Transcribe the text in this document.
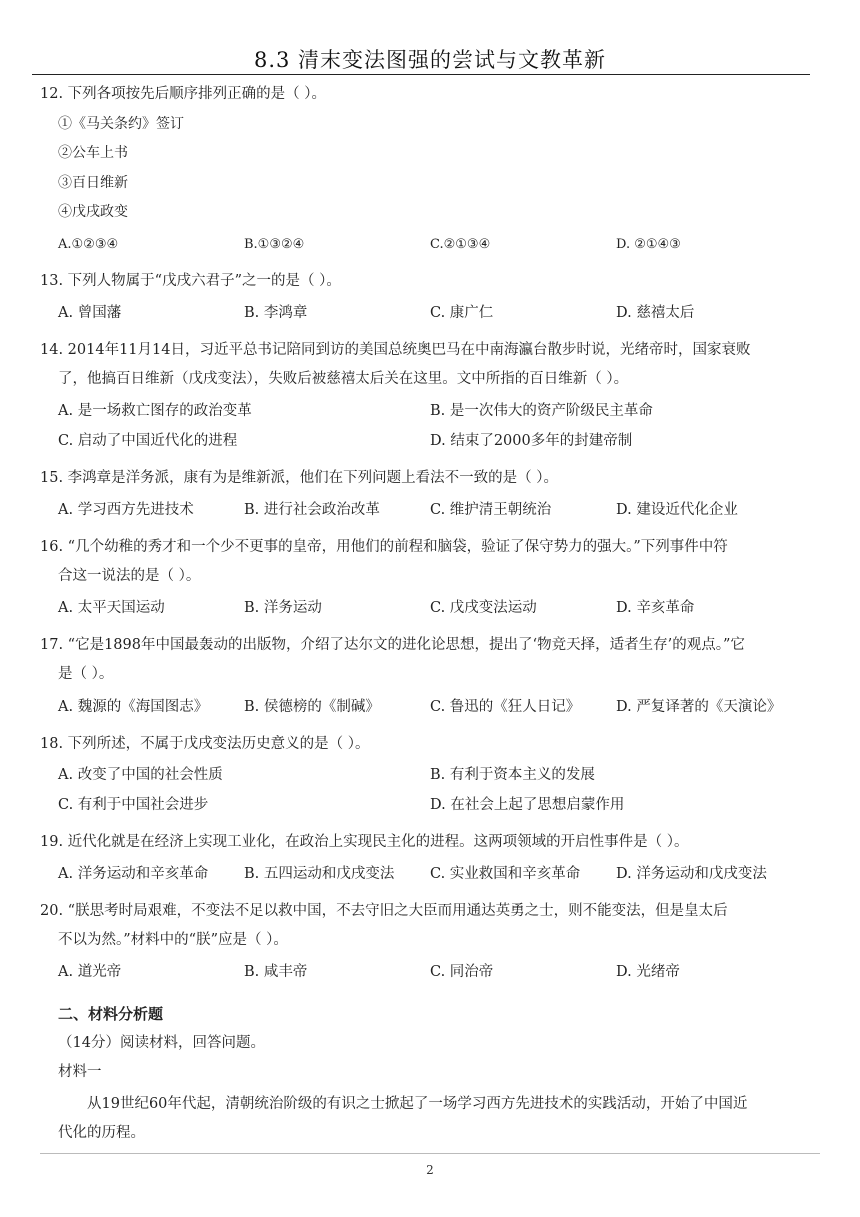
8.3 清末变法图强的尝试与文教革新
12. 下列各项按先后顺序排列正确的是（ ）。
①《马关条约》签订
②公车上书
③百日维新
④戊戌政变
A.①②③④	B.①③②④	C.②①③④	D. ②①④③
13. 下列人物属于“戊戌六君子”之一的是（ ）。
A. 曾国藩	B. 李鸿章	C. 康广仁	D. 慈禧太后
14. 2014年11月14日，习近平总书记陪同到访的美国总统奥巴马在中南海瀛台散步时说，光绪帝时，国家衰败
了，他搞百日维新（戊戌变法），失败后被慈禧太后关在这里。文中所指的百日维新（ ）。
A. 是一场救亡图存的政治变革	B. 是一次伟大的资产阶级民主革命
C. 启动了中国近代化的进程	D. 结束了2000多年的封建帝制
15. 李鸿章是洋务派，康有为是维新派，他们在下列问题上看法不一致的是（ ）。
A. 学习西方先进技术	B. 进行社会政治改革	C. 维护清王朝统治	D. 建设近代化企业
16. “几个幼稚的秀才和一个少不更事的皇帝，用他们的前程和脑袋，验证了保守势力的强大。”下列事件中符
合这一说法的是（ ）。
A. 太平天国运动	B. 洋务运动	C. 戊戌变法运动	D. 辛亥革命
17. “它是1898年中国最轰动的出版物，介绍了达尔文的进化论思想，提出了‘物竞天择，适者生存’的观点。”它
是（ ）。
A. 魏源的《海国图志》 B. 侯德榜的《制碱》	C. 鲁迅的《狂人日记》 D. 严复译著的《天演论》
18. 下列所述，不属于戊戌变法历史意义的是（ ）。
A. 改变了中国的社会性质	B. 有利于资本主义的发展
C. 有利于中国社会进步	D. 在社会上起了思想启蒙作用
19. 近代化就是在经济上实现工业化，在政治上实现民主化的进程。这两项领域的开启性事件是（ ）。
A. 洋务运动和辛亥革命 B. 五四运动和戊戌变法 C. 实业救国和辛亥革命 D. 洋务运动和戊戌变法
20. “朕思考时局艰难，不变法不足以救中国，不去守旧之大臣而用通达英勇之士，则不能变法，但是皇太后
不以为然。”材料中的“朕”应是（ ）。
A. 道光帝	B. 咸丰帝	C. 同治帝	D. 光绪帝
二、材料分析题
（14分）阅读材料，回答问题。
材料一
从19世纪60年代起，清朝统治阶级的有识之士掀起了一场学习西方先进技术的实践活动，开始了中国近
代化的历程。
2
